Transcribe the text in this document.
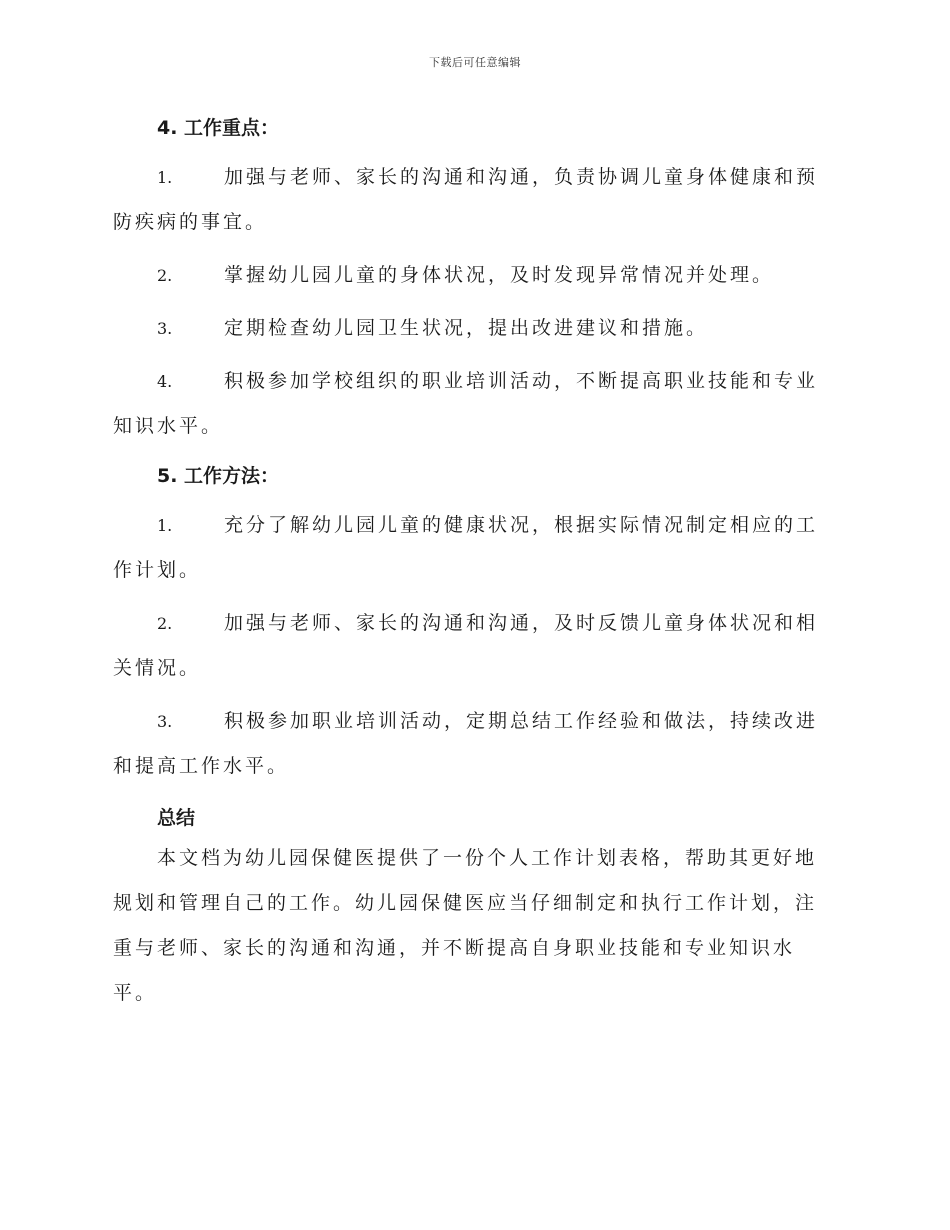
下载后可任意编辑
4. 工作重点：

1.	加强与老师、家长的沟通和沟通，负责协调儿童身体健康和预防疾病的事宜。

2.	掌握幼儿园儿童的身体状况，及时发现异常情况并处理。

3.	定期检查幼儿园卫生状况，提出改进建议和措施。

4.	积极参加学校组织的职业培训活动，不断提高职业技能和专业知识水平。

5. 工作方法：

1.	充分了解幼儿园儿童的健康状况，根据实际情况制定相应的工作计划。

2.	加强与老师、家长的沟通和沟通，及时反馈儿童身体状况和相关情况。

3.	积极参加职业培训活动，定期总结工作经验和做法，持续改进和提高工作水平。

总结

本文档为幼儿园保健医提供了一份个人工作计划表格，帮助其更好地规划和管理自己的工作。幼儿园保健医应当仔细制定和执行工作计划，注重与老师、家长的沟通和沟通，并不断提高自身职业技能和专业知识水平。
